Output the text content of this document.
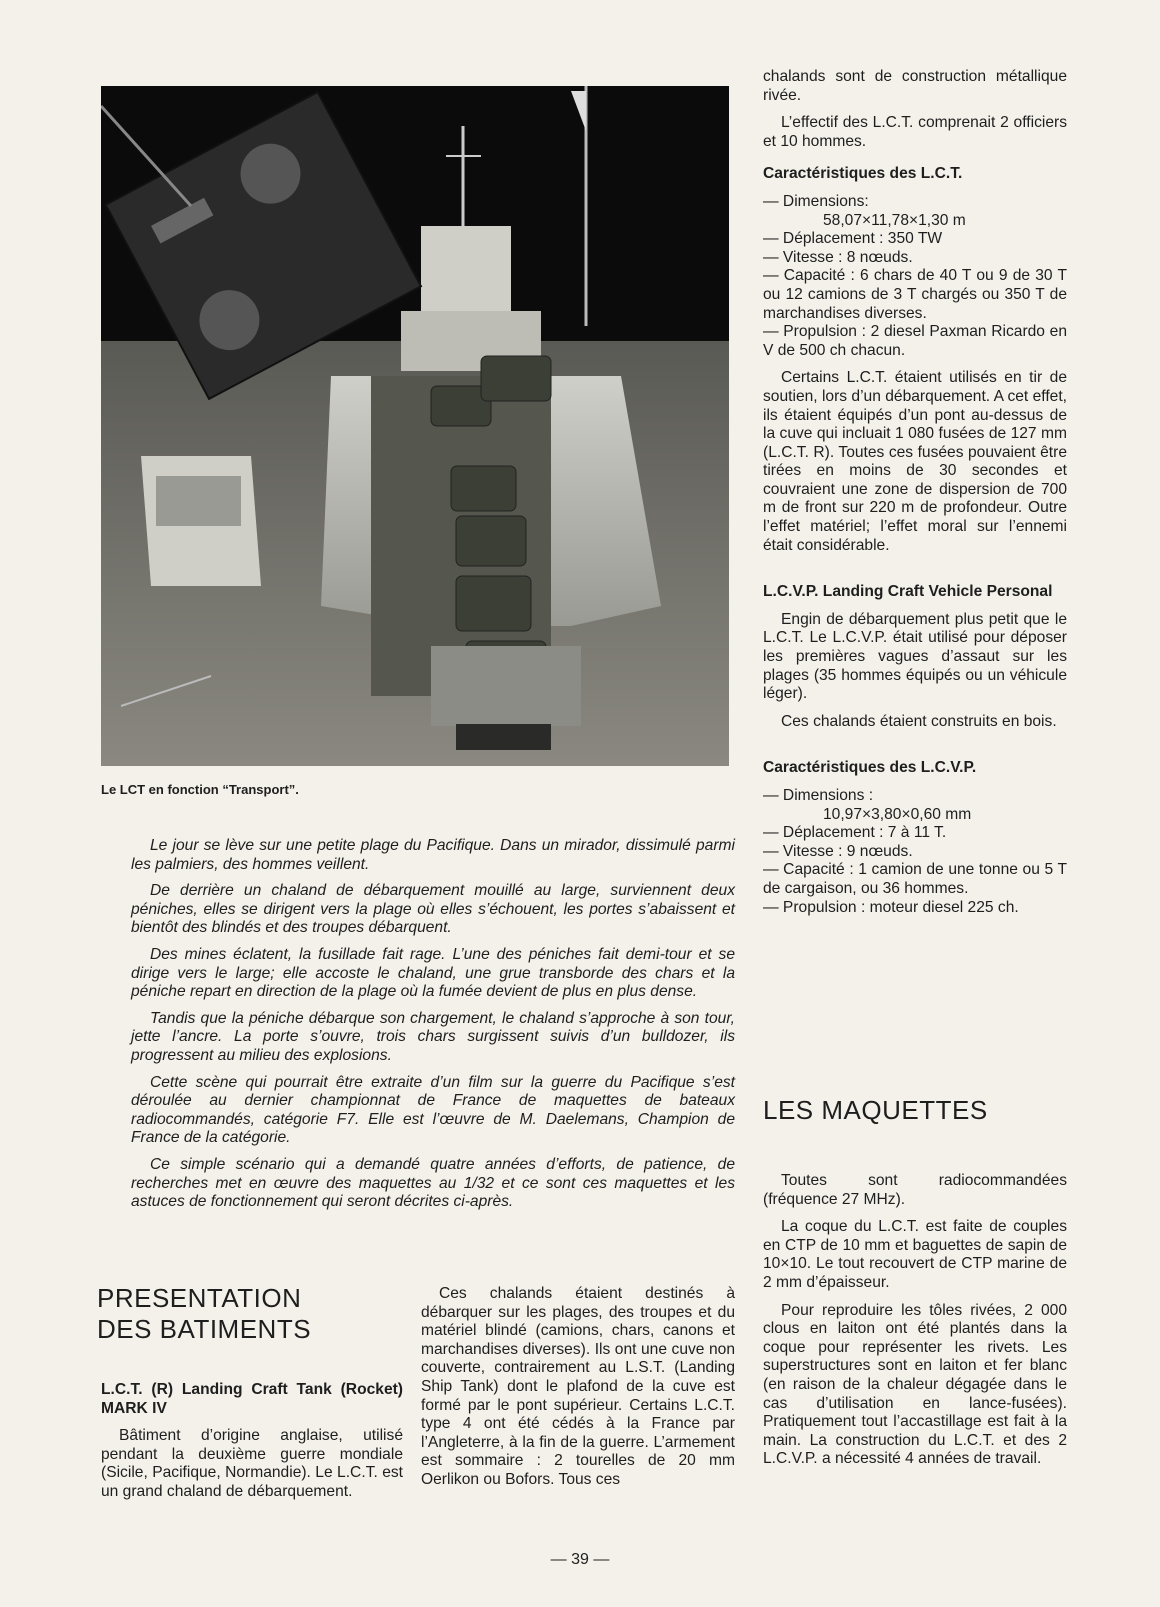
Le LCT en fonction “Transport”.

Le jour se lève sur une petite plage du Pacifique. Dans un mirador, dissimulé parmi les palmiers, des hommes veillent.

De derrière un chaland de débarquement mouillé au large, surviennent deux péniches, elles se dirigent vers la plage où elles s’échouent, les portes s’abaissent et bientôt des blindés et des troupes débarquent.

Des mines éclatent, la fusillade fait rage. L’une des péniches fait demi-tour et se dirige vers le large; elle accoste le chaland, une grue transborde des chars et la péniche repart en direction de la plage où la fumée devient de plus en plus dense.

Tandis que la péniche débarque son chargement, le chaland s’approche à son tour, jette l’ancre. La porte s’ouvre, trois chars surgissent suivis d’un bulldozer, ils progressent au milieu des explosions.

Cette scène qui pourrait être extraite d’un film sur la guerre du Pacifique s’est déroulée au dernier championnat de France de maquettes de bateaux radiocommandés, catégorie F7. Elle est l’œuvre de M. Daelemans, Champion de France de la catégorie.

Ce simple scénario qui a demandé quatre années d’efforts, de patience, de recherches met en œuvre des maquettes au 1/32 et ce sont ces maquettes et les astuces de fonctionnement qui seront décrites ci-après.

PRESENTATION
DES BATIMENTS

L.C.T. (R) Landing Craft Tank (Rocket) MARK IV

Bâtiment d’origine anglaise, utilisé pendant la deuxième guerre mondiale (Sicile, Pacifique, Normandie). Le L.C.T. est un grand chaland de débarquement.

Ces chalands étaient destinés à débarquer sur les plages, des troupes et du matériel blindé (camions, chars, canons et marchandises diverses). Ils ont une cuve non couverte, contrairement au L.S.T. (Landing Ship Tank) dont le plafond de la cuve est formé par le pont supérieur. Certains L.C.T. type 4 ont été cédés à la France par l’Angleterre, à la fin de la guerre. L’armement est sommaire : 2 tourelles de 20 mm Oerlikon ou Bofors. Tous ces

chalands sont de construction métallique rivée.

L’effectif des L.C.T. comprenait 2 officiers et 10 hommes.

Caractéristiques des L.C.T.

— Dimensions:
58,07×11,78×1,30 m
— Déplacement : 350 TW
— Vitesse : 8 nœuds.
— Capacité : 6 chars de 40 T ou 9 de 30 T ou 12 camions de 3 T chargés ou 350 T de marchandises diverses.
— Propulsion : 2 diesel Paxman Ricardo en V de 500 ch chacun.

Certains L.C.T. étaient utilisés en tir de soutien, lors d’un débarquement. A cet effet, ils étaient équipés d’un pont au-dessus de la cuve qui incluait 1 080 fusées de 127 mm (L.C.T. R). Toutes ces fusées pouvaient être tirées en moins de 30 secondes et couvraient une zone de dispersion de 700 m de front sur 220 m de profondeur. Outre l’effet matériel; l’effet moral sur l’ennemi était considérable.

L.C.V.P. Landing Craft Vehicle Personal

Engin de débarquement plus petit que le L.C.T. Le L.C.V.P. était utilisé pour déposer les premières vagues d’assaut sur les plages (35 hommes équipés ou un véhicule léger).

Ces chalands étaient construits en bois.

Caractéristiques des L.C.V.P.

— Dimensions :
10,97×3,80×0,60 mm
— Déplacement : 7 à 11 T.
— Vitesse : 9 nœuds.
— Capacité : 1 camion de une tonne ou 5 T de cargaison, ou 36 hommes.
— Propulsion : moteur diesel 225 ch.
LES MAQUETTES

Toutes sont radiocommandées (fréquence 27 MHz).

La coque du L.C.T. est faite de couples en CTP de 10 mm et baguettes de sapin de 10×10. Le tout recouvert de CTP marine de 2 mm d’épaisseur.

Pour reproduire les tôles rivées, 2 000 clous en laiton ont été plantés dans la coque pour représenter les rivets. Les superstructures sont en laiton et fer blanc (en raison de la chaleur dégagée dans le cas d’utilisation en lance-fusées). Pratiquement tout l’accastillage est fait à la main. La construction du L.C.T. et des 2 L.C.V.P. a nécessité 4 années de travail.

— 39 —
